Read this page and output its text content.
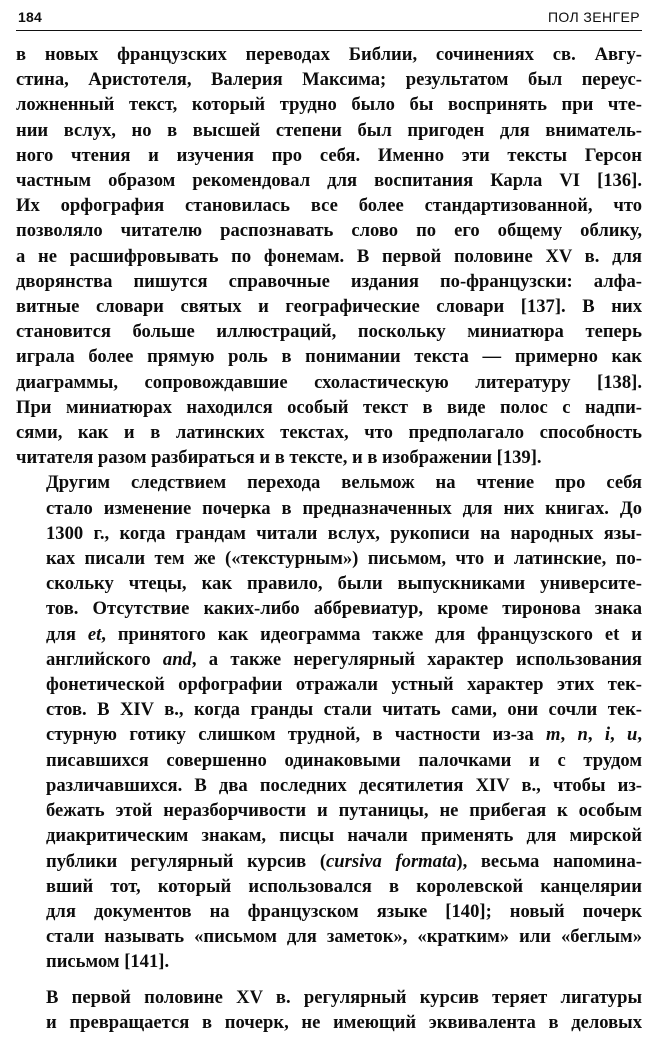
184	ПОЛ ЗЕНГЕР

в новых французских переводах Библии, сочинениях св. Авгу-
стина, Аристотеля, Валерия Максима; результатом был переус-
ложненный текст, который трудно было бы воспринять при чте-
нии вслух, но в высшей степени был пригоден для вниматель-
ного чтения и изучения про себя. Именно эти тексты Герсон
частным образом рекомендовал для воспитания Карла VI [136].
Их орфография становилась все более стандартизованной, что
позволяло читателю распознавать слово по его общему облику,
а не расшифровывать по фонемам. В первой половине XV в. для
дворянства пишутся справочные издания по-французски: алфа-
витные словари святых и географические словари [137]. В них
становится больше иллюстраций, поскольку миниатюра теперь
играла более прямую роль в понимании текста — примерно как
диаграммы, сопровождавшие схоластическую литературу [138].
При миниатюрах находился особый текст в виде полос с надпи-
сями, как и в латинских текстах, что предполагало способность
читателя разом разбираться и в тексте, и в изображении [139].

Другим следствием перехода вельмож на чтение про себя
стало изменение почерка в предназначенных для них книгах. До
1300 г., когда грандам читали вслух, рукописи на народных язы-
ках писали тем же («текстурным») письмом, что и латинские, по-
скольку чтецы, как правило, были выпускниками университе-
тов. Отсутствие каких-либо аббревиатур, кроме тиронова знака
для et, принятого как идеограмма также для французского et и
английского and, а также нерегулярный характер использования
фонетической орфографии отражали устный характер этих тек-
стов. В XIV в., когда гранды стали читать сами, они сочли тек-
стурную готику слишком трудной, в частности из-за m, n, i, u,
писавшихся совершенно одинаковыми палочками и с трудом
различавшихся. В два последних десятилетия XIV в., чтобы из-
бежать этой неразборчивости и путаницы, не прибегая к особым
диакритическим знакам, писцы начали применять для мирской
публики регулярный курсив (cursiva formata), весьма напомина-
вший тот, который использовался в королевской канцелярии
для документов на французском языке [140]; новый почерк
стали называть «письмом для заметок», «кратким» или «беглым»
письмом [141].

В первой половине XV в. регулярный курсив теряет лигатуры
и превращается в почерк, не имеющий эквивалента в деловых
